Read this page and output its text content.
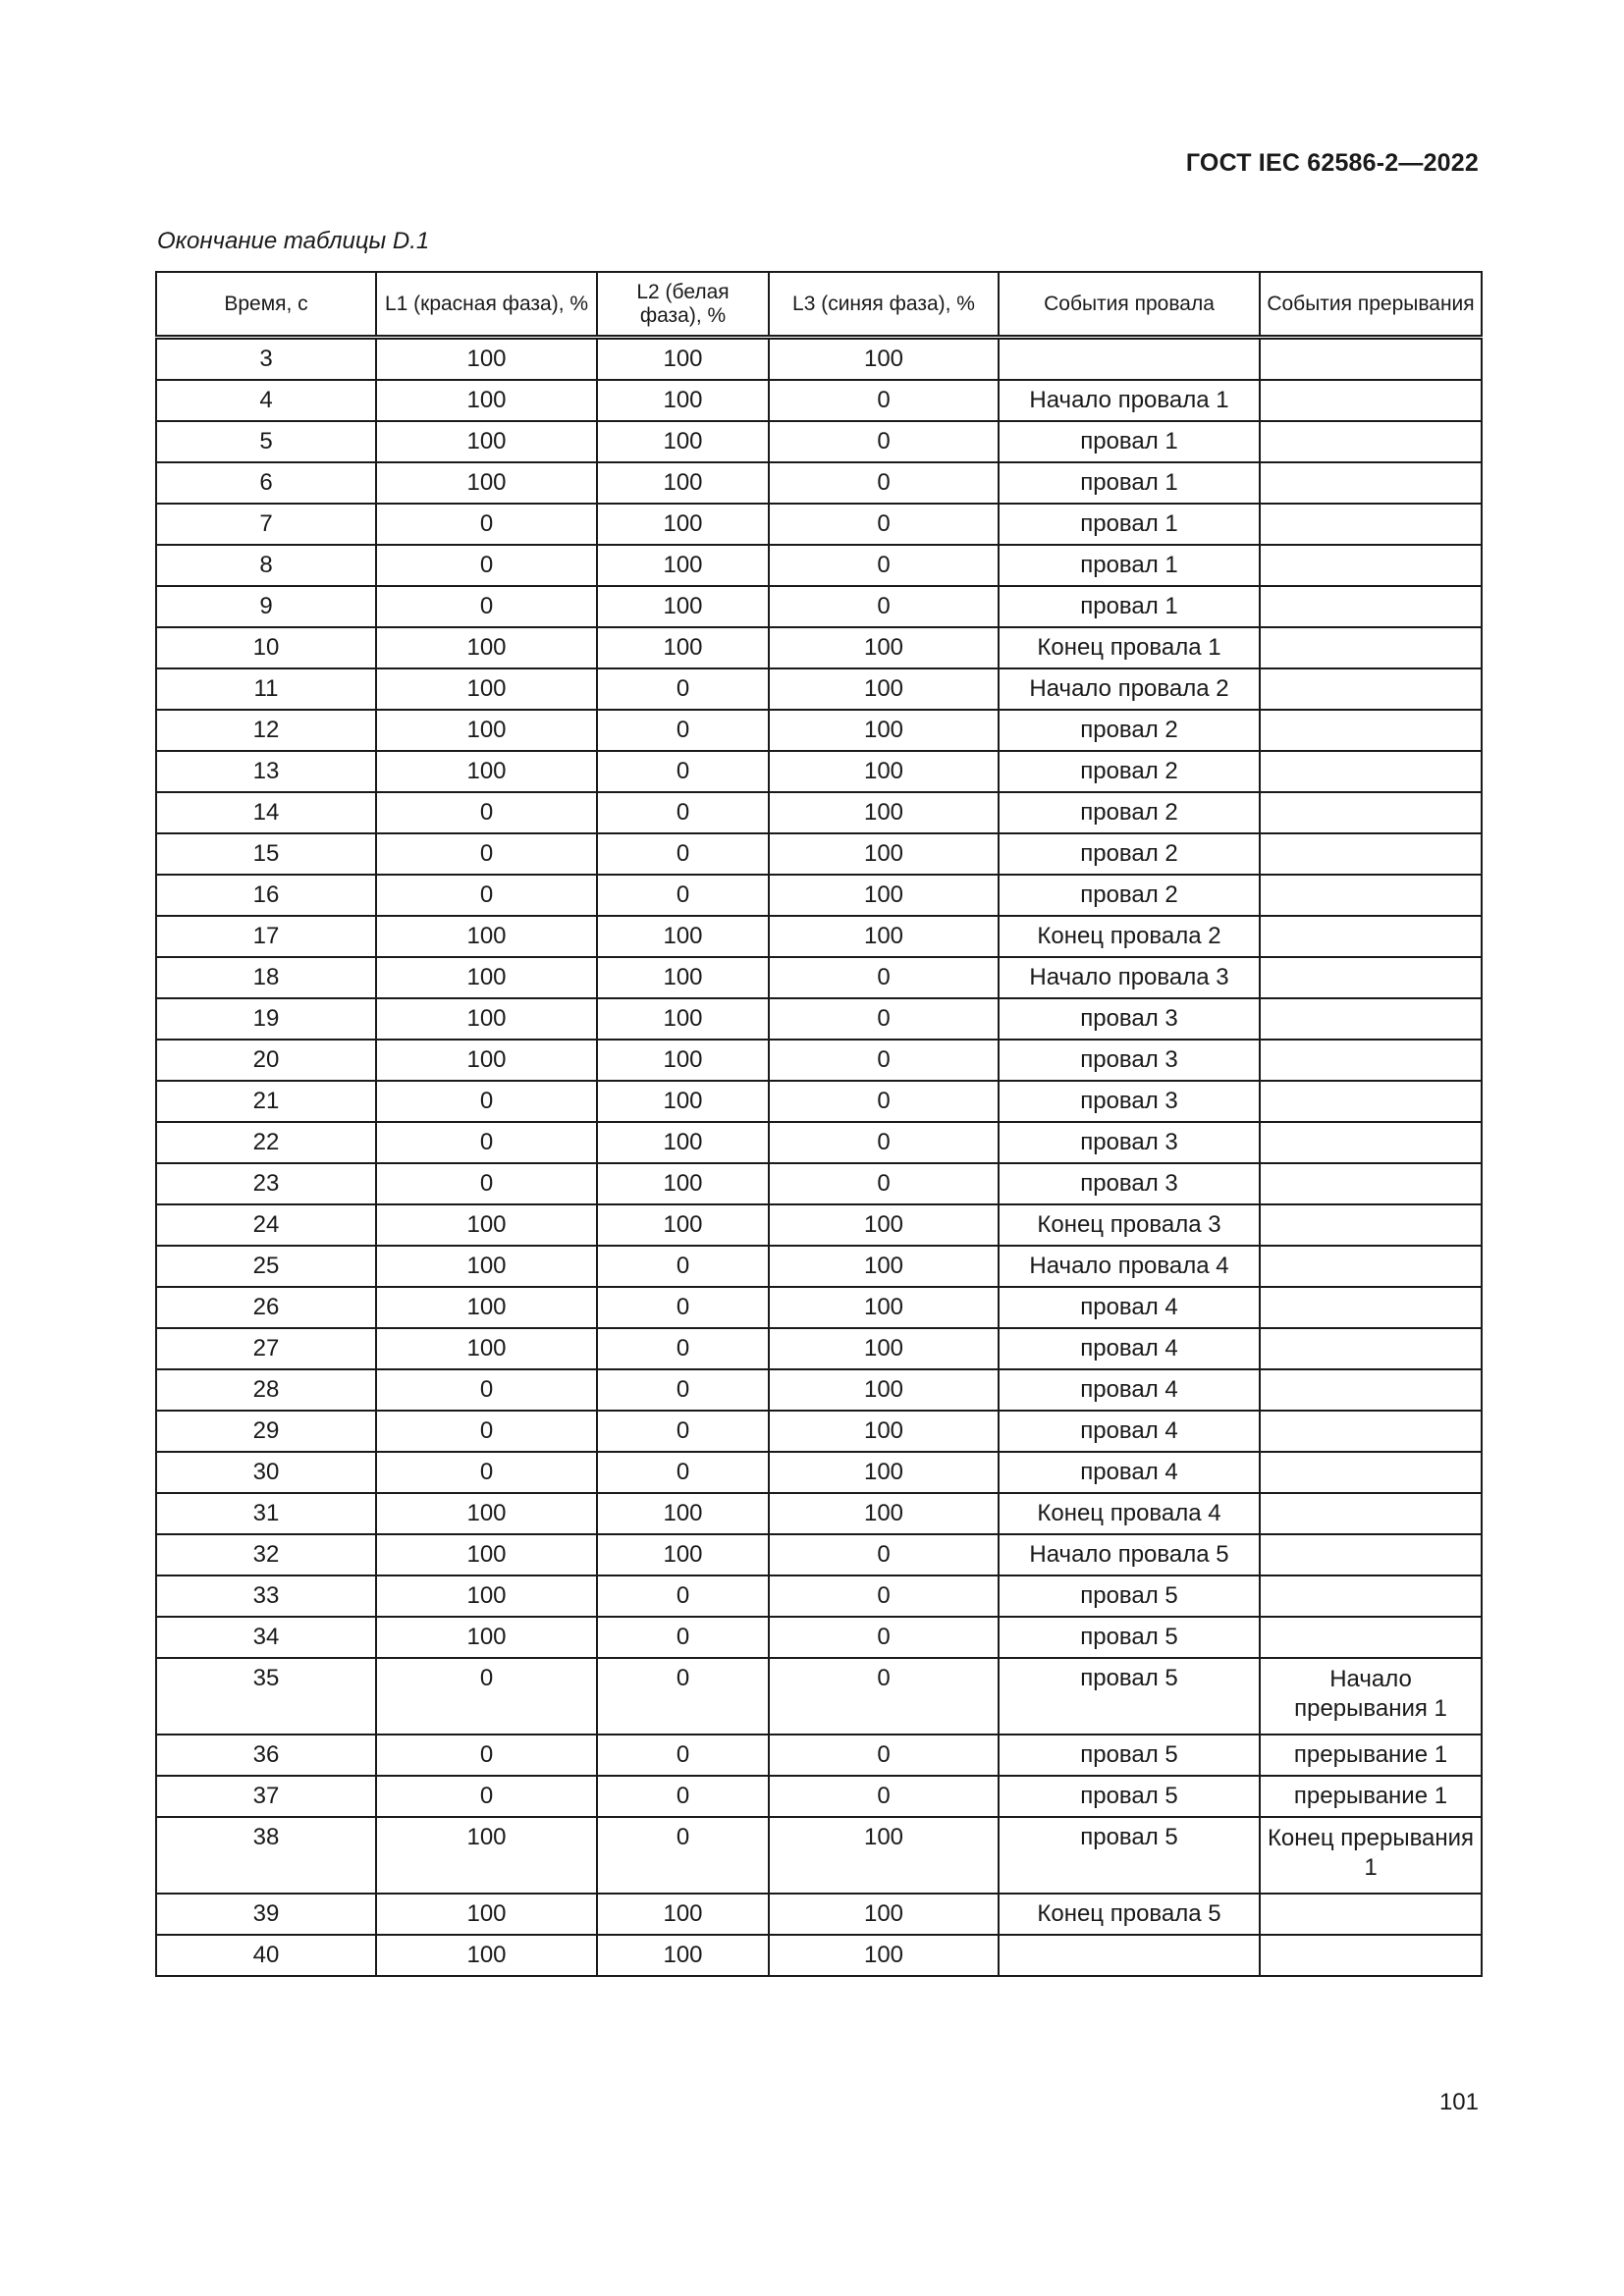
ГОСТ IEC 62586-2—2022
Окончание таблицы D.1
Время, с	L1 (красная фаза), %	L2 (белая фаза), %	L3 (синяя фаза), %	События провала	События прерывания
3	100	100	100		
4	100	100	0	Начало провала 1	
5	100	100	0	провал 1	
6	100	100	0	провал 1	
7	0	100	0	провал 1	
8	0	100	0	провал 1	
9	0	100	0	провал 1	
10	100	100	100	Конец провала 1	
11	100	0	100	Начало провала 2	
12	100	0	100	провал 2	
13	100	0	100	провал 2	
14	0	0	100	провал 2	
15	0	0	100	провал 2	
16	0	0	100	провал 2	
17	100	100	100	Конец провала 2	
18	100	100	0	Начало провала 3	
19	100	100	0	провал 3	
20	100	100	0	провал 3	
21	0	100	0	провал 3	
22	0	100	0	провал 3	
23	0	100	0	провал 3	
24	100	100	100	Конец провала 3	
25	100	0	100	Начало провала 4	
26	100	0	100	провал 4	
27	100	0	100	провал 4	
28	0	0	100	провал 4	
29	0	0	100	провал 4	
30	0	0	100	провал 4	
31	100	100	100	Конец провала 4	
32	100	100	0	Начало провала 5	
33	100	0	0	провал 5	
34	100	0	0	провал 5	
35	0	0	0	провал 5	Начало прерывания 1
36	0	0	0	провал 5	прерывание 1
37	0	0	0	провал 5	прерывание 1
38	100	0	100	провал 5	Конец прерывания 1
39	100	100	100	Конец провала 5	
40	100	100	100		
101
